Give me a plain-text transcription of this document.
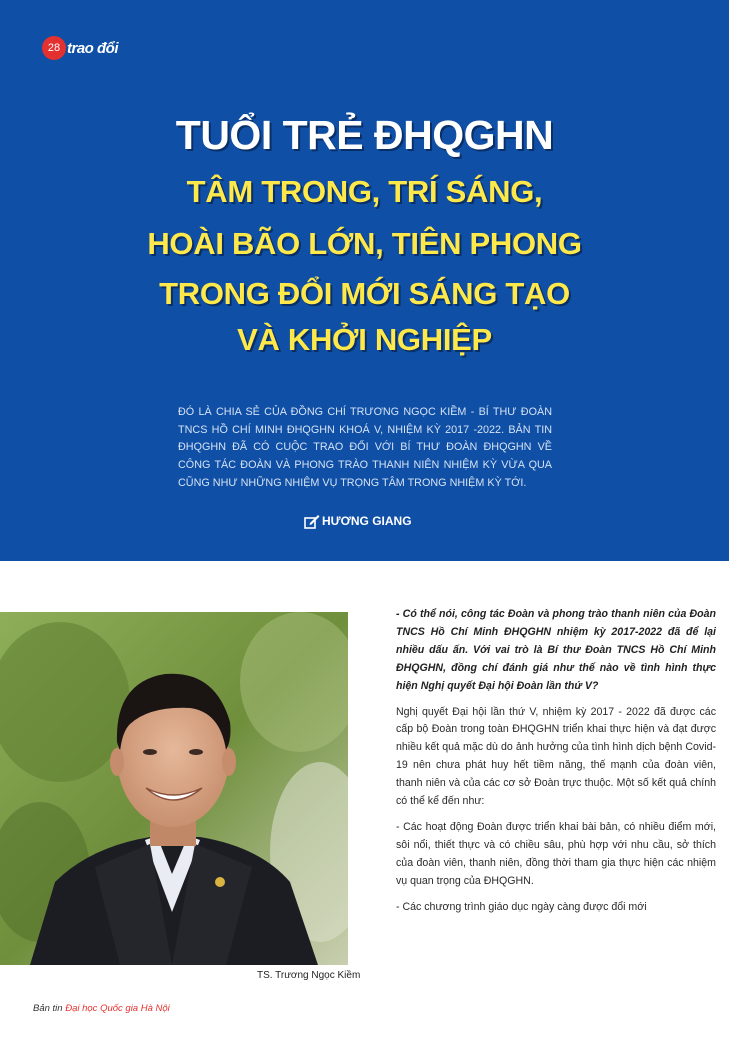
28 trao đổi
TUỔI TRẺ ĐHQGHN
TÂM TRONG, TRÍ SÁNG,
HOÀI BÃO LỚN, TIÊN PHONG
TRONG ĐỔI MỚI SÁNG TẠO
VÀ KHỞI NGHIỆP
ĐÓ LÀ CHIA SẺ CỦA ĐỒNG CHÍ TRƯƠNG NGỌC KIỀM - BÍ THƯ ĐOÀN TNCS HỒ CHÍ MINH ĐHQGHN KHOÁ V, NHIỆM KỲ 2017 -2022. BẢN TIN ĐHQGHN ĐÃ CÓ CUỘC TRAO ĐỔI VỚI BÍ THƯ ĐOÀN ĐHQGHN VỀ CÔNG TÁC ĐOÀN VÀ PHONG TRÀO THANH NIÊN NHIỆM KỲ VỪA QUA CŨNG NHƯ NHỮNG NHIỆM VỤ TRỌNG TÂM TRONG NHIỆM KỲ TỚI.
HƯƠNG GIANG
TS. Trương Ngọc Kiềm

- Có thể nói, công tác Đoàn và phong trào thanh niên của Đoàn TNCS Hồ Chí Minh ĐHQGHN nhiệm kỳ 2017-2022 đã để lại nhiều dấu ấn. Với vai trò là Bí thư Đoàn TNCS Hồ Chí Minh ĐHQGHN, đồng chí đánh giá như thế nào về tình hình thực hiện Nghị quyết Đại hội Đoàn lần thứ V?

Nghị quyết Đại hội lần thứ V, nhiệm kỳ 2017 - 2022 đã được các cấp bộ Đoàn trong toàn ĐHQGHN triển khai thực hiện và đạt được nhiều kết quả mặc dù do ảnh hưởng của tình hình dịch bệnh Covid-19 nên chưa phát huy hết tiềm năng, thế mạnh của đoàn viên, thanh niên và của các cơ sở Đoàn trực thuộc. Một số kết quả chính có thể kể đến như:

- Các hoạt động Đoàn được triển khai bài bản, có nhiều điểm mới, sôi nổi, thiết thực và có chiều sâu, phù hợp với nhu cầu, sở thích của đoàn viên, thanh niên, đồng thời tham gia thực hiện các nhiệm vụ quan trọng của ĐHQGHN.

- Các chương trình giáo dục ngày càng được đổi mới

Bản tin Đại học Quốc gia Hà Nội
